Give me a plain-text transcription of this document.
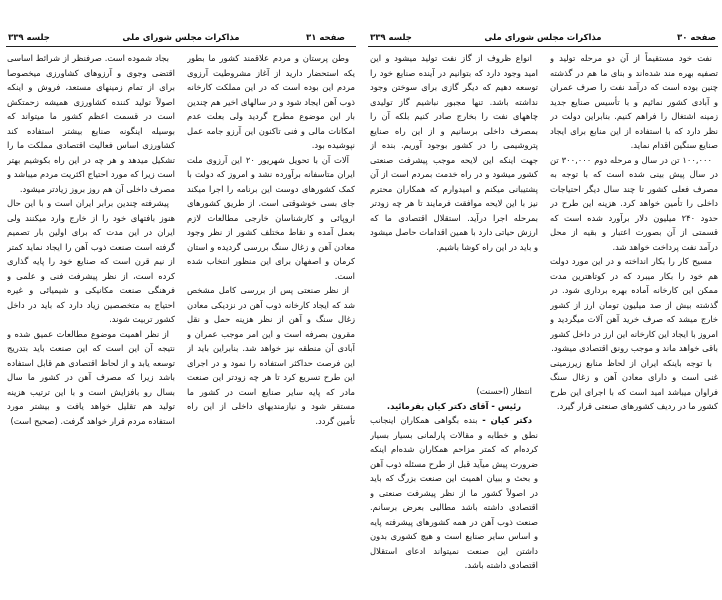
جلسه ۳۳۹	مذاکرات مجلس شورای ملی	صفحه ۳۱

بجاد شموده است. صرفنظر از شرائط اساسی اقتضی وجوی و آرزوهای کشاورزی میخصوصا برای از تمام زمینهای مستعد، فروش و اینکه اصولاً تولید کننده کشاورزی همیشه زحمتکش است در قسمت اعظم کشور ما میتواند که بوسیله اینگونه صنایع بیشتر استفاده کند کشاورزی اساس فعالیت اقتصادی مملکت ما را تشکیل میدهد و هر چه در این راه بکوشیم بهتر است زیرا که مورد احتیاج اکثریت مردم میباشد و مصرف داخلی آن هم روز بروز زیادتر میشود.

پیشرفته چندین برابر ایران است و با این حال هنوز بافتهای خود را از خارج وارد میکنند ولی ایران در این مدت که برای اولین بار تصمیم گرفته است صنعت ذوب آهن را ایجاد نماید کمتر از نیم قرن است که صنایع خود را پایه گذاری کرده است، از نظر پیشرفت فنی و علمی و فرهنگی صنعت مکانیکی و شیمیائی و غیره احتیاج به متخصصین زیاد دارد که باید در داخل کشور تربیت شوند.

از نظر اهمیت موضوع مطالعات عمیق شده و نتیجه آن این است که این صنعت باید بتدریج توسعه یابد و از لحاظ اقتصادی هم قابل استفاده باشد زیرا که مصرف آهن در کشور ما سال بسال رو بافزایش است و با این ترتیب هزینه تولید هم تقلیل خواهد یافت و بیشتر مورد استفاده مردم قرار خواهد گرفت. (صحیح است)

وطن پرستان و مردم علاقمند کشور ما بطور یکه استحضار دارید از آغاز مشروطیت آرزوی مردم این بوده است که در این مملکت کارخانه ذوب آهن ایجاد شود و در سالهای اخیر هم چندین بار این موضوع مطرح گردید ولی بعلت عدم امکانات مالی و فنی تاکنون این آرزو جامه عمل نپوشیده بود.

آلات آن با تحویل شهریور ۲۰ این آرزوی ملت ایران متاسفانه برآورده نشد و امروز که دولت با کمک کشورهای دوست این برنامه را اجرا میکند جای بسی خوشوقتی است. از طریق کشورهای اروپائی و کارشناسان خارجی مطالعات لازم بعمل آمده و نقاط مختلف کشور از نظر وجود معادن آهن و زغال سنگ بررسی گردیده و استان کرمان و اصفهان برای این منظور انتخاب شده است.

از نظر صنعتی پس از بررسی کامل مشخص شد که ایجاد کارخانه ذوب آهن در نزدیکی معادن زغال سنگ و آهن از نظر هزینه حمل و نقل مقرون بصرفه است و این امر موجب عمران و آبادی آن منطقه نیز خواهد شد. بنابراین باید از این فرصت حداکثر استفاده را نمود و در اجرای این طرح تسریع کرد تا هر چه زودتر این صنعت مادر که پایه سایر صنایع است در کشور ما مستقر شود و نیازمندیهای داخلی از این راه تأمین گردد.

صفحه ۳۰
مذاکرات مجلس شورای ملی
جلسه ۳۳۹

نفت خود مستقیماً از آن دو مرحله تولید و تصفیه بهره مند شده‌اند و بنای ما هم در گذشته چنین بوده است که درآمد نفت را صرف عمران و آبادی کشور نمائیم و با تأسیس صنایع جدید زمینه اشتغال را فراهم کنیم. بنابراین دولت در نظر دارد که با استفاده از این منابع برای ایجاد صنایع سنگین اقدام نماید.

۱۰۰,۰۰۰ تن در سال و مرحله دوم ۳۰۰,۰۰۰ تن در سال پیش بینی شده است که با توجه به مصرف فعلی کشور تا چند سال دیگر احتیاجات داخلی را تأمین خواهد کرد. هزینه این طرح در حدود ۲۴۰ میلیون دلار برآورد شده است که قسمتی از آن بصورت اعتبار و بقیه از محل درآمد نفت پرداخت خواهد شد.

مسیح کار را بکار انداخته و در این مورد دولت هم خود را بکار میبرد که در کوتاهترین مدت ممکن این کارخانه آماده بهره برداری شود. در گذشته بیش از صد میلیون تومان ارز از کشور خارج میشد که صرف خرید آهن آلات میگردید و امروز با ایجاد این کارخانه این ارز در داخل کشور باقی خواهد ماند و موجب رونق اقتصادی میشود.

با توجه باینکه ایران از لحاظ منابع زیرزمینی غنی است و دارای معادن آهن و زغال سنگ فراوان میباشد امید است که با اجرای این طرح کشور ما در ردیف کشورهای صنعتی قرار گیرد.

انواع ظروف از گاز نفت تولید میشود و این امید وجود دارد که بتوانیم در آینده صنایع خود را توسعه دهیم که دیگر گازی برای سوختن وجود نداشته باشد. تنها مجبور نباشیم گاز تولیدی چاههای نفت را بخارج صادر کنیم بلکه آن را بمصرف داخلی برسانیم و از این راه صنایع پتروشیمی را در کشور بوجود آوریم. بنده از جهت اینکه این لایحه موجب پیشرفت صنعتی کشور میشود و در راه خدمت بمردم است از آن پشتیبانی میکنم و امیدوارم که همکاران محترم نیز با این لایحه موافقت فرمایند تا هر چه زودتر بمرحله اجرا درآید. استقلال اقتصادی ما که ارزش حیاتی دارد با همین اقدامات حاصل میشود و باید در این راه کوشا باشیم.

انتظار (احسنت)

رئیس - آقای دکتر کیان بفرمائید.

دکتر کیان - بنده بگواهی همکاران اینجانب نطق و خطابه و مقالات پارلمانی بسیار بسیار کرده‌ام که کمتر مزاحم همکاران شده‌ام اینکه ضرورت پیش میآید قبل از طرح مسئله ذوب آهن و بحث و ببیان اهمیت این صنعت بزرگ که باید در اصولاً کشور ما از نظر پیشرفت صنعتی و اقتصادی داشته باشد مطالبی بعرض برسانم. صنعت ذوب آهن در همه کشورهای پیشرفته پایه و اساس سایر صنایع است و هیچ کشوری بدون داشتن این صنعت نمیتواند ادعای استقلال اقتصادی داشته باشد.
